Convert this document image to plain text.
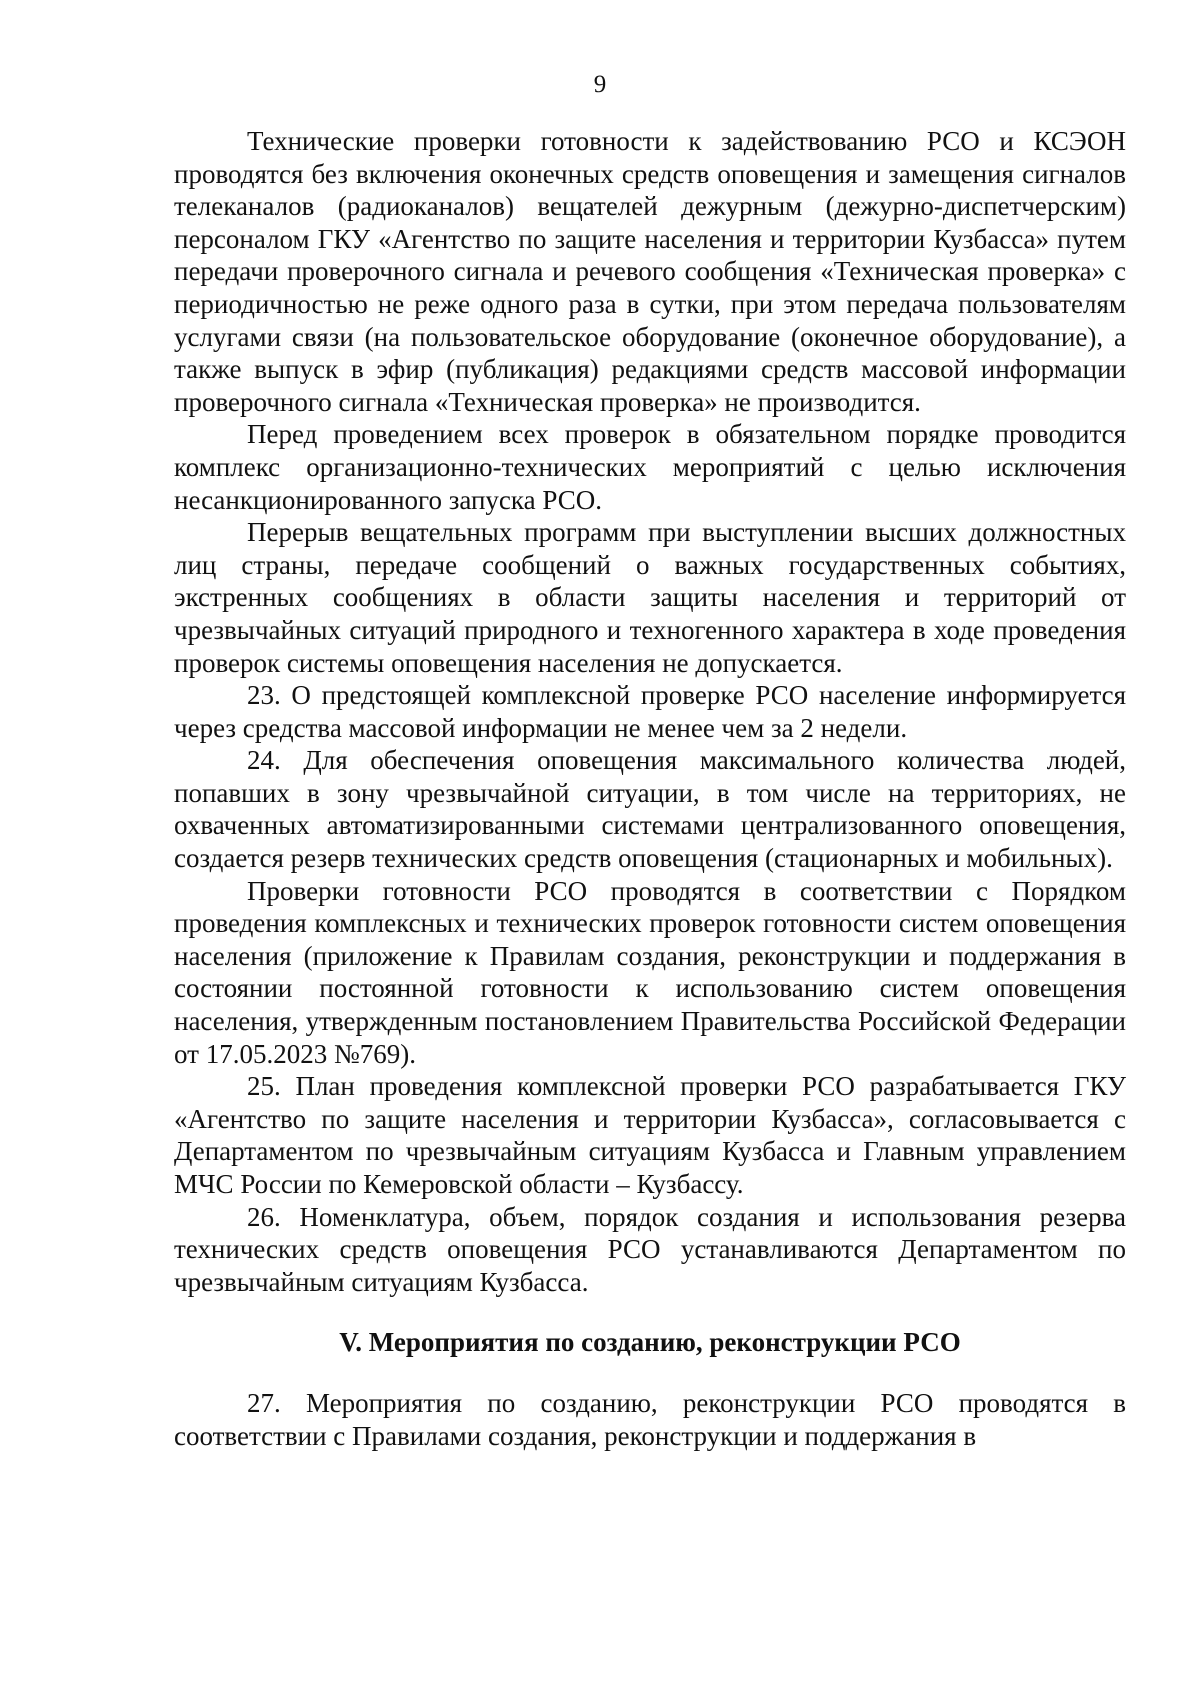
9

Технические проверки готовности к задействованию РСО и КСЭОН проводятся без включения оконечных средств оповещения и замещения сигналов телеканалов (радиоканалов) вещателей дежурным (дежурно-диспетчерским) персоналом ГКУ «Агентство по защите населения и территории Кузбасса» путем передачи проверочного сигнала и речевого сообщения «Техническая проверка» с периодичностью не реже одного раза в сутки, при этом передача пользователям услугами связи (на пользовательское оборудование (оконечное оборудование), а также выпуск в эфир (публикация) редакциями средств массовой информации проверочного сигнала «Техническая проверка» не производится.

Перед проведением всех проверок в обязательном порядке проводится комплекс организационно-технических мероприятий с целью исключения несанкционированного запуска РСО.

Перерыв вещательных программ при выступлении высших должностных лиц страны, передаче сообщений о важных государственных событиях, экстренных сообщениях в области защиты населения и территорий от чрезвычайных ситуаций природного и техногенного характера в ходе проведения проверок системы оповещения населения не допускается.

23. О предстоящей комплексной проверке РСО население информируется через средства массовой информации не менее чем за 2 недели.

24. Для обеспечения оповещения максимального количества людей, попавших в зону чрезвычайной ситуации, в том числе на территориях, не охваченных автоматизированными системами централизованного оповещения, создается резерв технических средств оповещения (стационарных и мобильных).

Проверки готовности РСО проводятся в соответствии с Порядком проведения комплексных и технических проверок готовности систем оповещения населения (приложение к Правилам создания, реконструкции и поддержания в состоянии постоянной готовности к использованию систем оповещения населения, утвержденным постановлением Правительства Российской Федерации от 17.05.2023 №769).

25. План проведения комплексной проверки РСО разрабатывается ГКУ «Агентство по защите населения и территории Кузбасса», согласовывается с Департаментом по чрезвычайным ситуациям Кузбасса и Главным управлением МЧС России по Кемеровской области – Кузбассу.

26. Номенклатура, объем, порядок создания и использования резерва технических средств оповещения РСО устанавливаются Департаментом по чрезвычайным ситуациям Кузбасса.

V. Мероприятия по созданию, реконструкции РСО

27. Мероприятия по созданию, реконструкции РСО проводятся в соответствии с Правилами создания, реконструкции и поддержания в
